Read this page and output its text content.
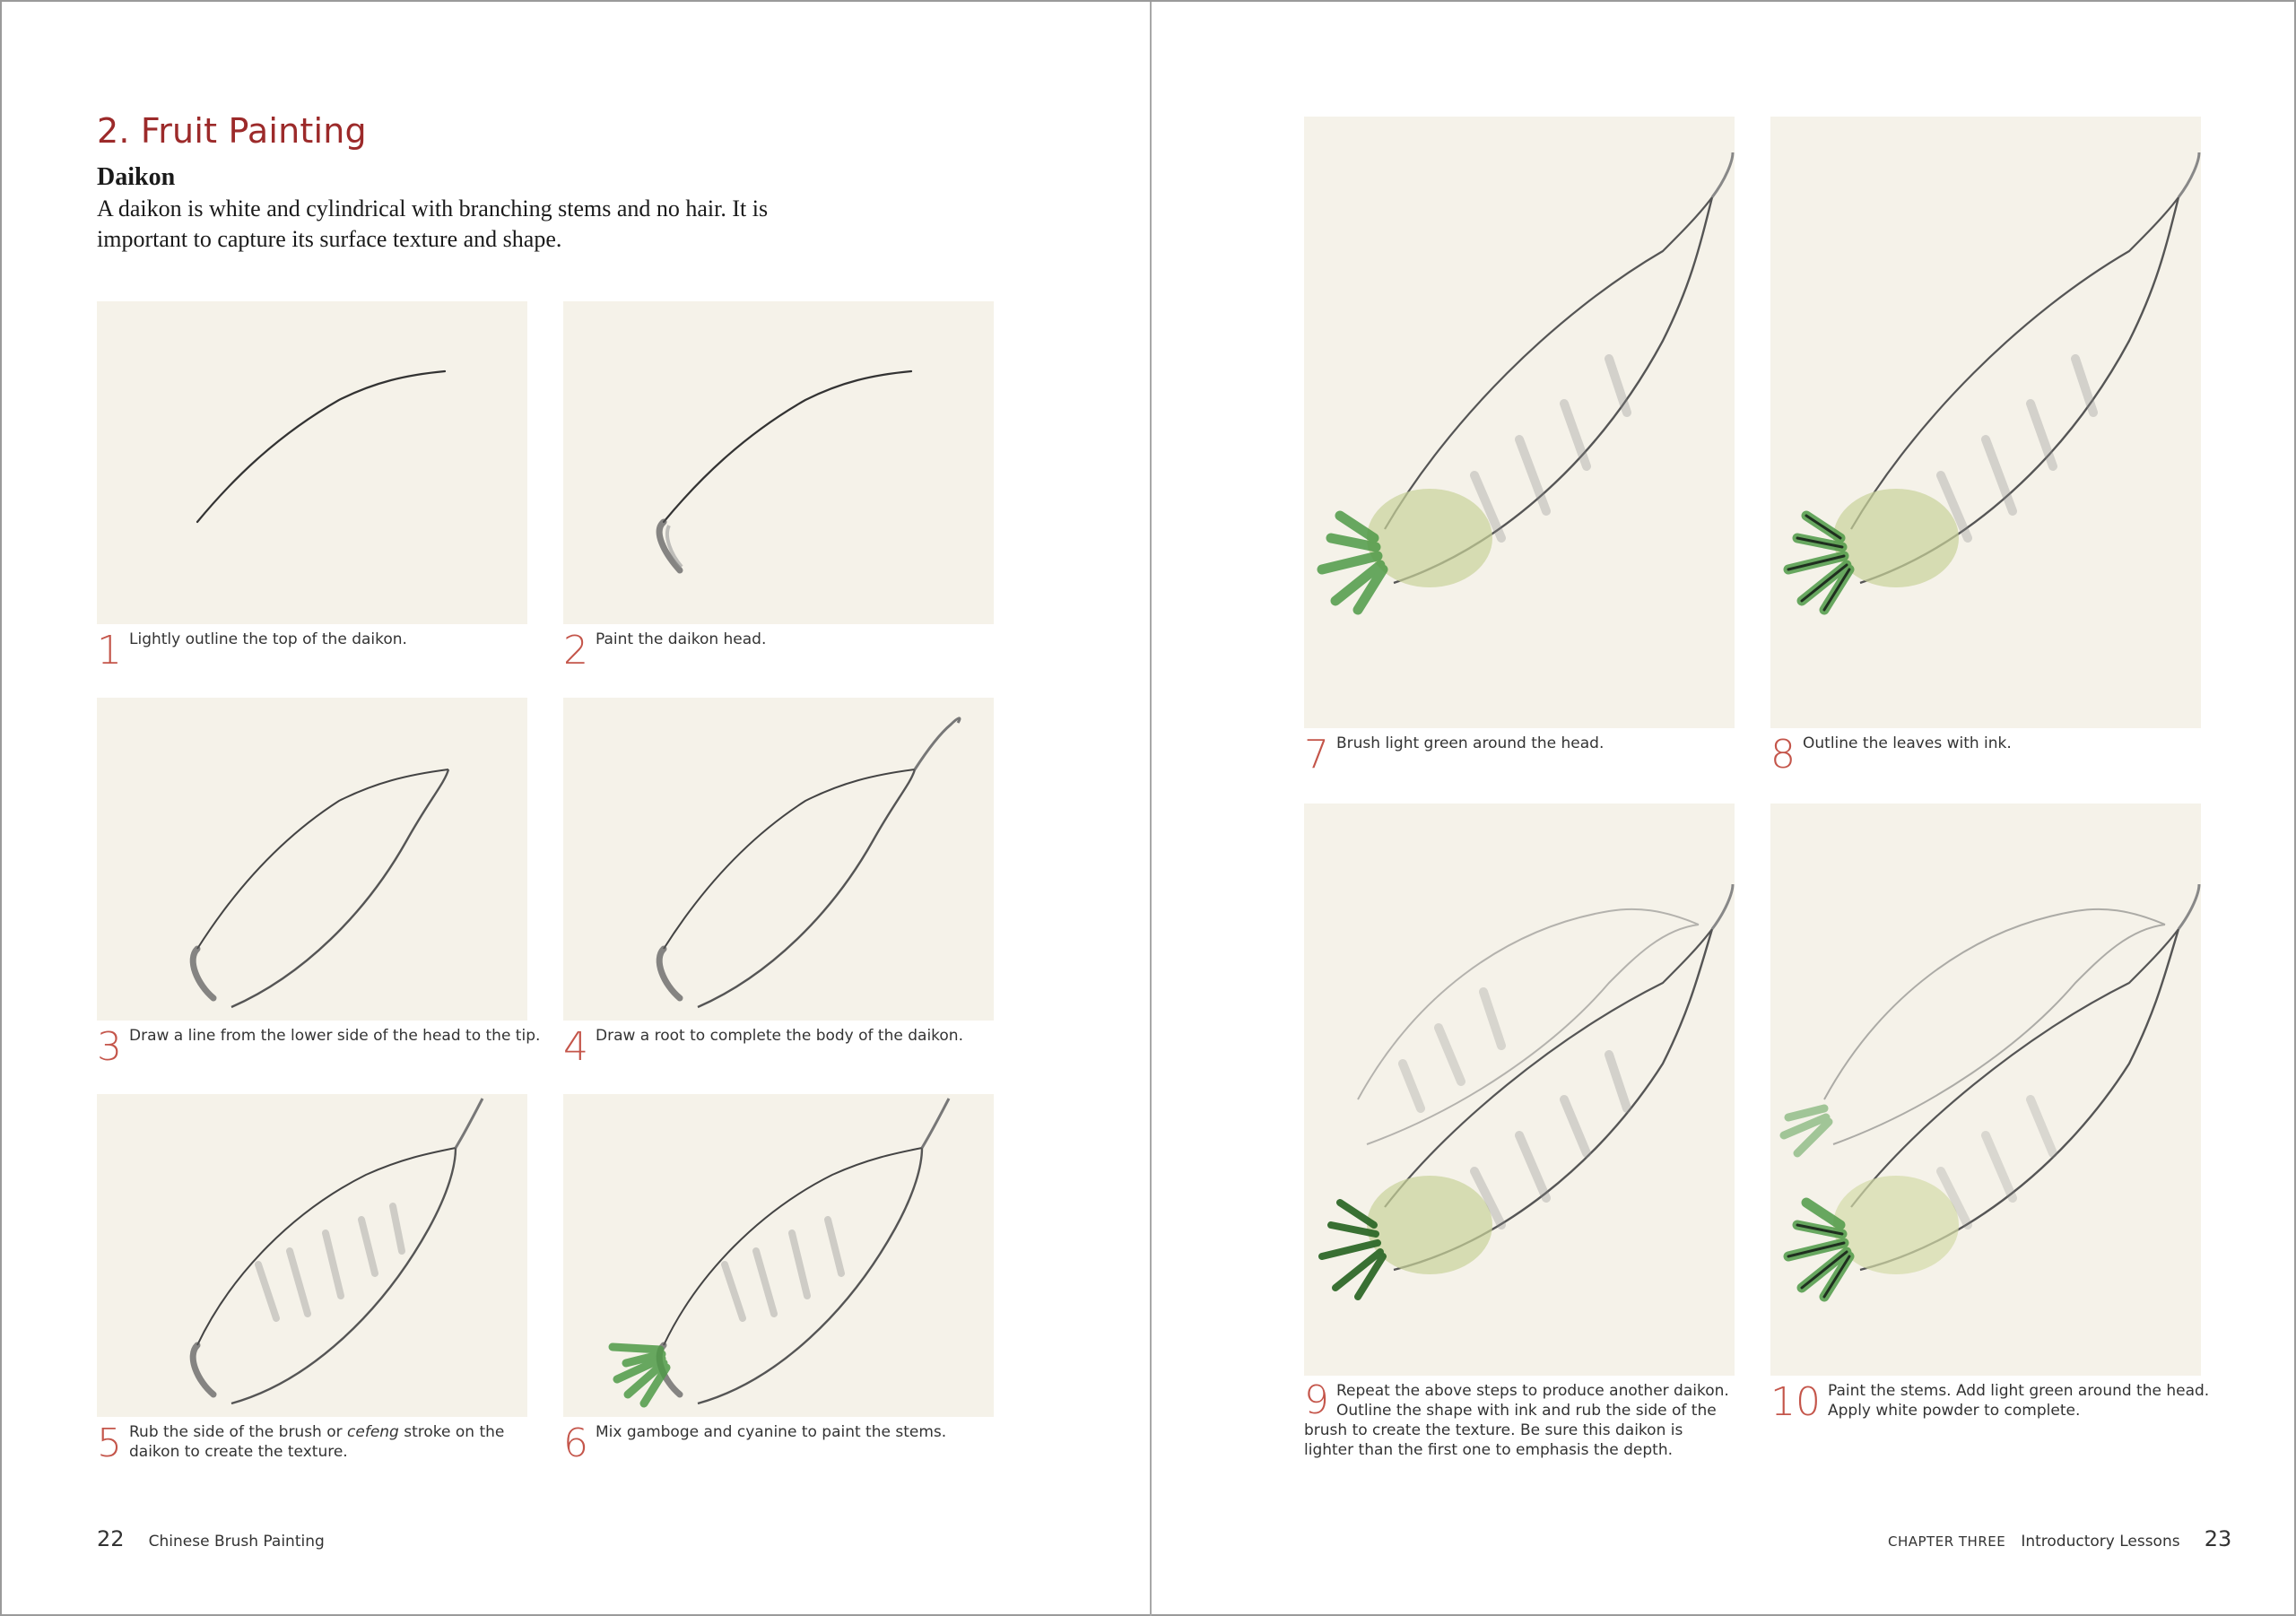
2. Fruit Painting
Daikon
A daikon is white and cylindrical with branching stems and no hair. It is important to capture its surface texture and shape.
1 Lightly outline the top of the daikon.	2 Paint the daikon head.
3 Draw a line from the lower side of the head to the tip. 4 Draw a root to complete the body of the daikon.
5 Rub the side of the brush or cefeng stroke on the daikon to create the texture.	6 Mix gamboge and cyanine to paint the stems.
22 Chinese Brush Painting
7 Brush light green around the head.	8 Outline the leaves with ink.
9 Repeat the above steps to produce another daikon. Outline the shape with ink and rub the side of the brush to create the texture. Be sure this daikon is lighter than the first one to emphasis the depth.
10 Paint the stems. Add light green around the head. Apply white powder to complete.
CHAPTER THREE Introductory Lessons 23
